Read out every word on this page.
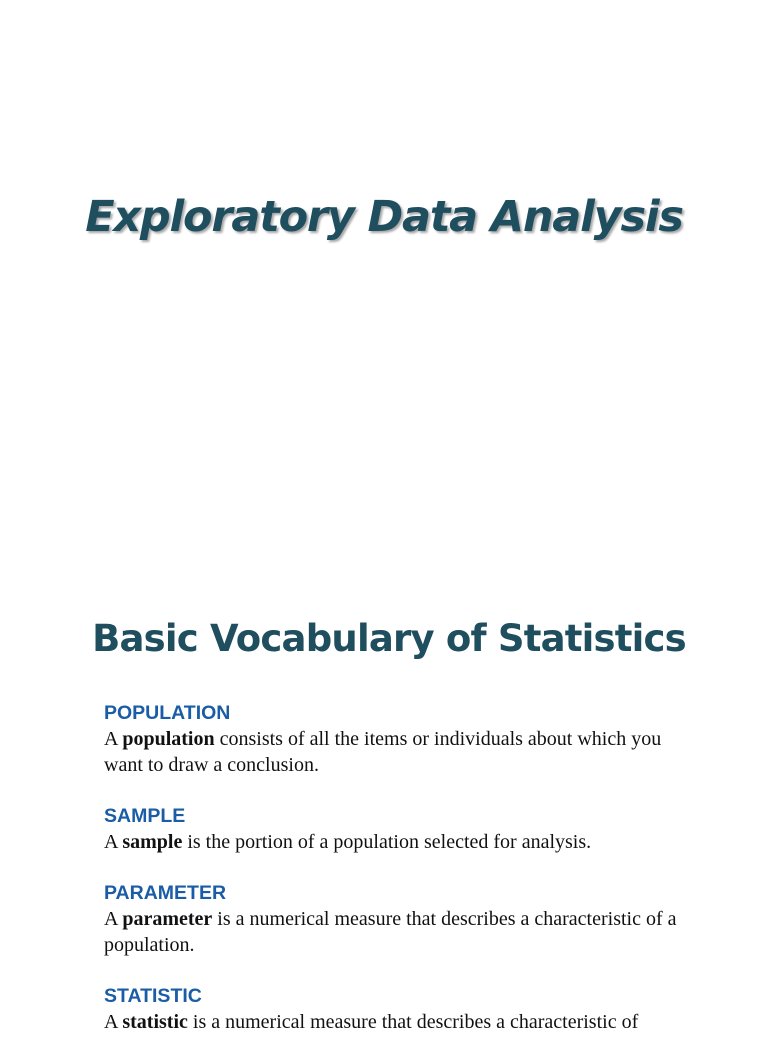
Exploratory Data Analysis
Basic Vocabulary of Statistics

POPULATION

A population consists of all the items or individuals about which you want to draw a conclusion.

SAMPLE

A sample is the portion of a population selected for analysis.

PARAMETER

A parameter is a numerical measure that describes a characteristic of a population.

STATISTIC

A statistic is a numerical measure that describes a characteristic of
